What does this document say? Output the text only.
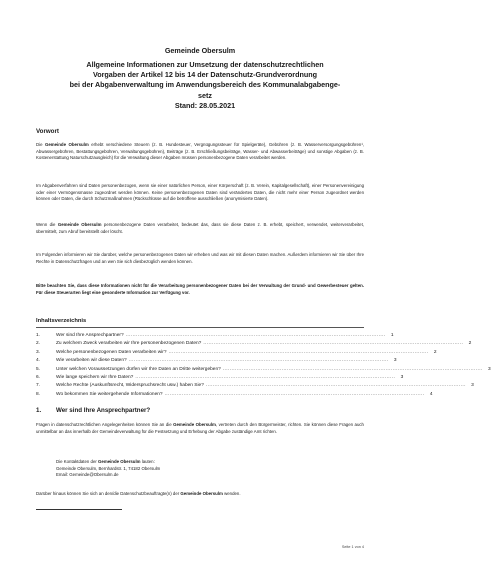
Gemeinde Obersulm
Allgemeine Informationen zur Umsetzung der datenschutzrechtlichen
Vorgaben der Artikel 12 bis 14 der Datenschutz-Grundverordnung
bei der Abgabenverwaltung im Anwendungsbereich des Kommunalabgabenge-
setz
Stand: 28.05.2021
Vorwort
Die Gemeinde Obersulm erhebt verschiedene Steuern (z. B. Hundesteuer, Vergnügungssteuer für Spielgeräte), Gebühren (z. B. Wasserversorgungsgebühren¹, Abwassergebühren, Bestattungsgebühren, Verwaltungsgebühren), Beiträge (z. B. Erschließungsbeiträge, Wasser- und Abwasserbeiträge) und sonstige Abgaben (z. B. Kostenerstattung Naturschutzausgleich) für die Verwaltung dieser Abgaben müssen personenbezogene Daten verarbeitet werden.
Im Abgabenverfahren sind Daten personenbezogen, wenn sie einer natürlichen Person, einer Körperschaft (z. B. Verein, Kapitalgesellschaft), einer Personenvereinigung oder einer Vermögensmasse zugeordnet werden können. Keine personenbezogenen Daten sind verändertes Daten, die nicht mehr einer Person zugeordnet werden können oder Daten, die durch Schutzmaßnahmen (Rückschlüsse auf die betroffene ausschließen (anonymisierte Daten).
Wenn die Gemeinde Obersulm personenbezogene Daten verarbeitet, bedeutet das, dass sie diese Daten z. B. erhebt, speichert, verwendet, weiterverarbeitet, übermittelt, zum Abruf bereitstellt oder löscht.
Im Folgenden informieren wir Sie darüber, welche personenbezogenen Daten wir erheben und was wir mit diesen Daten machen. Außerdem informieren wir Sie über Ihre Rechte in Datenschutzfragen und an wen Sie sich diesbezüglich wenden können.
Bitte beachten Sie, dass diese Informationen nicht für die Verarbeitung personenbezogener Daten bei der Verwaltung der Grund- und Gewerbesteuer gelten. Für diese Steuerarten liegt eine gesonderte Information zur Verfügung vor.
Inhaltsverzeichnis
1.	Wer sind Ihre Ansprechpartner? ......................................................................................................................................................	1
2.	Zu welchem Zweck verarbeiten wir Ihre personenbezogenen Daten? ......................................................................................................................................................	2
3.	Welche personenbezogenen Daten verarbeiten wir? ......................................................................................................................................................	2
4.	Wie verarbeiten wir diese Daten? ......................................................................................................................................................	3
5.	Unter welchen Voraussetzungen dürfen wir Ihre Daten an Dritte weitergeben? ......................................................................................................................................................	3
6.	Wie lange speichern wir Ihre Daten? ......................................................................................................................................................	3
7.	Welche Rechte (Auskunftsrecht, Widerspruchsrecht usw.) haben Sie? ......................................................................................................................................................	3
8.	Wo bekommen Sie weitergehende Informationen? ......................................................................................................................................................	4
1. Wer sind Ihre Ansprechpartner?
Fragen in datenschutzrechtlichen Angelegenheiten können Sie an die Gemeinde Obersulm, vertreten durch den Bürgermeister, richten. Sie können diese Fragen auch unmittelbar an das innerhalb der Gemeindeverwaltung für die Festsetzung und Erhebung der Abgabe zuständige Amt richten.
Die Kontaktdaten der Gemeinde Obersulm lauten:
Gemeinde Obersulm, Bernhardstr. 1, 74182 Obersulm
Email: Gemeinde@Obersulm.de
Darüber hinaus können Sie sich an den/die Datenschutzbeauftragte(n) der Gemeinde Obersulm wenden.
Seite 1 von 4
